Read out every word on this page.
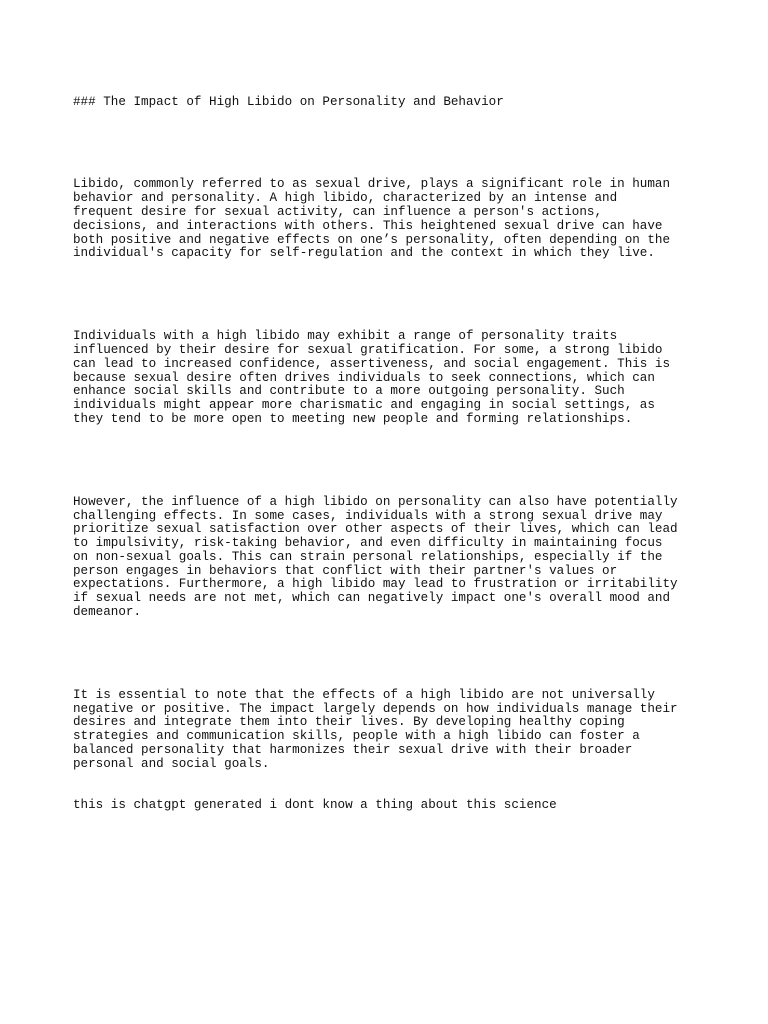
### The Impact of High Libido on Personality and Behavior

Libido, commonly referred to as sexual drive, plays a significant role in human
behavior and personality. A high libido, characterized by an intense and
frequent desire for sexual activity, can influence a person's actions,
decisions, and interactions with others. This heightened sexual drive can have
both positive and negative effects on one’s personality, often depending on the
individual's capacity for self-regulation and the context in which they live.

Individuals with a high libido may exhibit a range of personality traits
influenced by their desire for sexual gratification. For some, a strong libido
can lead to increased confidence, assertiveness, and social engagement. This is
because sexual desire often drives individuals to seek connections, which can
enhance social skills and contribute to a more outgoing personality. Such
individuals might appear more charismatic and engaging in social settings, as
they tend to be more open to meeting new people and forming relationships.

However, the influence of a high libido on personality can also have potentially
challenging effects. In some cases, individuals with a strong sexual drive may
prioritize sexual satisfaction over other aspects of their lives, which can lead
to impulsivity, risk-taking behavior, and even difficulty in maintaining focus
on non-sexual goals. This can strain personal relationships, especially if the
person engages in behaviors that conflict with their partner's values or
expectations. Furthermore, a high libido may lead to frustration or irritability
if sexual needs are not met, which can negatively impact one's overall mood and
demeanor.

It is essential to note that the effects of a high libido are not universally
negative or positive. The impact largely depends on how individuals manage their
desires and integrate them into their lives. By developing healthy coping
strategies and communication skills, people with a high libido can foster a
balanced personality that harmonizes their sexual drive with their broader
personal and social goals.

this is chatgpt generated i dont know a thing about this science
